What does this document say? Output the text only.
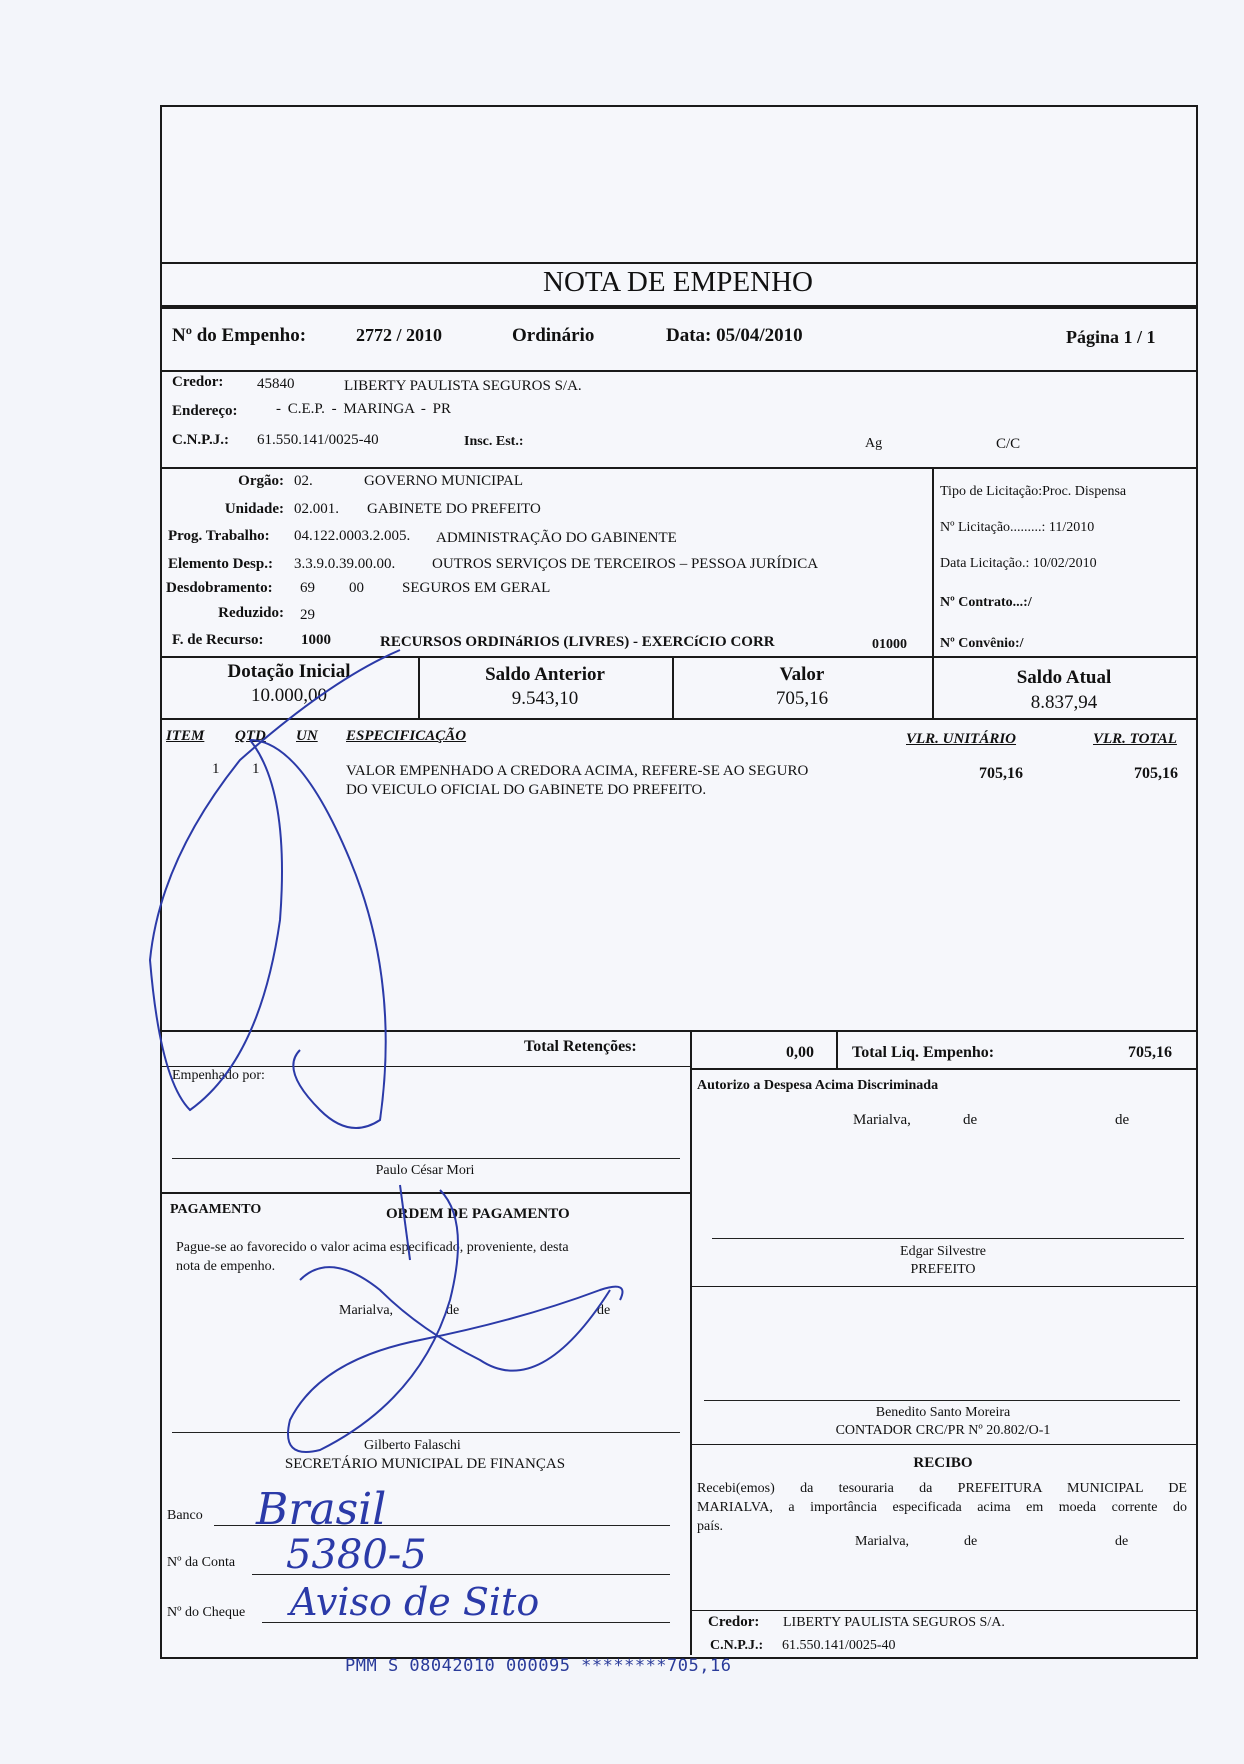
NOTA DE EMPENHO
Nº do Empenho:	2772 / 2010	Ordinário	Data: 05/04/2010	Página 1 / 1
Credor: 45840	LIBERTY PAULISTA SEGUROS S/A.
Endereço:	- C.E.P. - MARINGA - PR
C.N.P.J.: 61.550.141/0025-40	Insc. Est.:	Ag	C/C
Orgão: 02.	GOVERNO MUNICIPAL
Unidade: 02.001. GABINETE DO PREFEITO
Prog. Trabalho: 04.122.0003.2.005. ADMINISTRAÇÃO DO GABINENTE
Elemento Desp.: 3.3.9.0.39.00.00. OUTROS SERVIÇOS DE TERCEIROS – PESSOA JURÍDICA
Desdobramento: 69 00	SEGUROS EM GERAL
Reduzido: 29
F. de Recurso: 1000	RECURSOS ORDINáRIOS (LIVRES) - EXERCíCIO CORR	01000
Tipo de Licitação:Proc. Dispensa
Nº Licitação.........: 11/2010
Data Licitação.: 10/02/2010
Nº Contrato...:/
Nº Convênio:/
Dotação Inicial
10.000,00
Saldo Anterior
9.543,10
Valor
705,16
Saldo Atual
8.837,94
ITEM QTD UN ESPECIFICAÇÃO	VLR. UNITÁRIO	VLR. TOTAL
1 1	VALOR EMPENHADO A CREDORA ACIMA, REFERE-SE AO SEGURO
DO VEICULO OFICIAL DO GABINETE DO PREFEITO.
705,16	705,16
Total Retenções:	0,00 Total Liq. Empenho:	705,16
Empenhado por:
Paulo César Mori
Autorizo a Despesa Acima Discriminada
Marialva,	de	de
Edgar Silvestre
PREFEITO
PAGAMENTO	ORDEM DE PAGAMENTO
Pague-se ao favorecido o valor acima especificado, proveniente, desta
nota de empenho.
Marialva,	de	de
Gilberto Falaschi
SECRETÁRIO MUNICIPAL DE FINANÇAS
Banco Brasil
Nº da Conta 5380-5
Nº do Cheque Aviso de Sito
Benedito Santo Moreira
CONTADOR CRC/PR Nº 20.802/O-1
RECIBO
Recebi(emos) da tesouraria da PREFEITURA MUNICIPAL DE
MARIALVA, a importância especificada acima em moeda corrente do
país.
Marialva,	de	de
Credor: LIBERTY PAULISTA SEGUROS S/A.
C.N.P.J.: 61.550.141/0025-40
PMM S 08042010 000095 ********705,16
